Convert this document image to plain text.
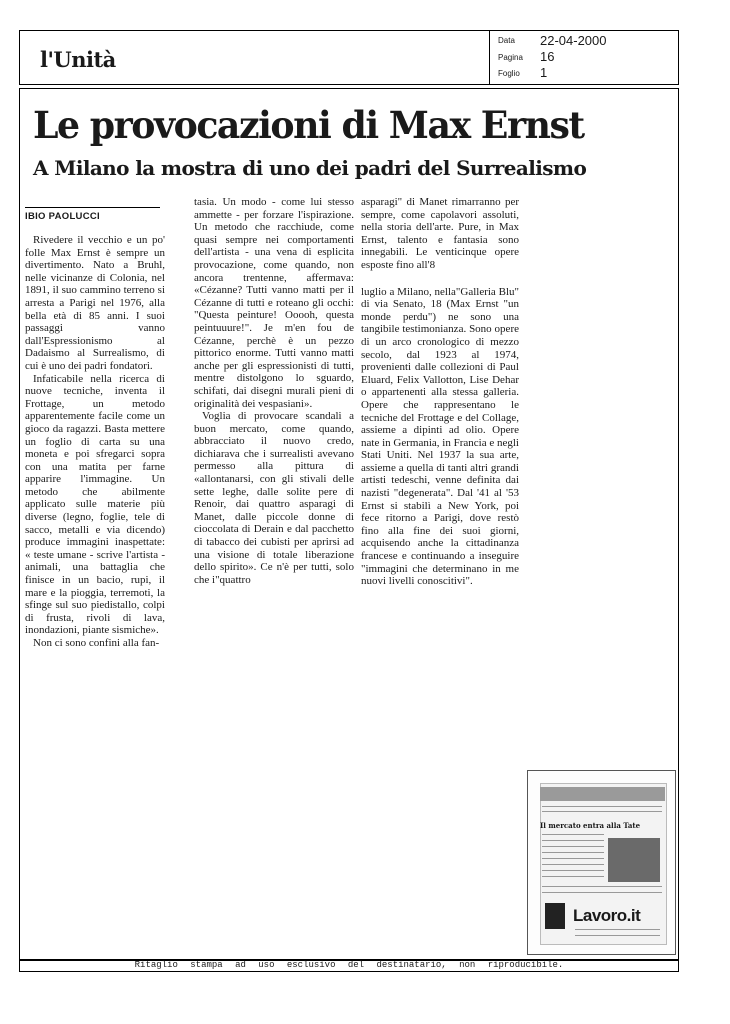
l'Unità
Data 22-04-2000
Pagina 16
Foglio 1
Le provocazioni di Max Ernst
A Milano la mostra di uno dei padri del Surrealismo
IBIO PAOLUCCI

Rivedere il vecchio e un po' folle Max Ernst è sempre un divertimento. Nato a Bruhl, nelle vicinanze di Colonia, nel 1891, il suo cammino terreno si arresta a Parigi nel 1976, alla bella età di 85 anni. I suoi passaggi vanno dall'Espressionismo al Dadaismo al Surrealismo, di cui è uno dei padri fondatori.

Infaticabile nella ricerca di nuove tecniche, inventa il Frottage, un metodo apparentemente facile come un gioco da ragazzi. Basta mettere un foglio di carta su una moneta e poi sfregarci sopra con una matita per farne apparire l'immagine. Un metodo che abilmente applicato sulle materie più diverse (legno, foglie, tele di sacco, metalli e via dicendo) produce immagini inaspettate: « teste umane - scrive l'artista - animali, una battaglia che finisce in un bacio, rupi, il mare e la pioggia, terremoti, la sfinge sul suo piedistallo, colpi di frusta, rivoli di lava, inondazioni, piante sismiche».

Non ci sono confini alla fan-

tasia. Un modo - come lui stesso ammette - per forzare l'ispirazione. Un metodo che racchiude, come quasi sempre nei comportamenti dell'artista - una vena di esplicita provocazione, come quando, non ancora trentenne, affermava: «Cézanne? Tutti vanno matti per il Cézanne di tutti e roteano gli occhi: "Questa peinture! Ooooh, questa peintuuure!". Je m'en fou de Cézanne, perchè è un pezzo pittorico enorme. Tutti vanno matti anche per gli espressionisti di tutti, mentre distolgono lo sguardo, schifati, dai disegni murali pieni di originalità dei vespasiani».

Voglia di provocare scandali a buon mercato, come quando, abbracciato il nuovo credo, dichiarava che i surrealisti avevano permesso alla pittura di «allontanarsi, con gli stivali delle sette leghe, dalle solite pere di Renoir, dai quattro asparagi di Manet, dalle piccole donne di cioccolata di Derain e dal pacchetto di tabacco dei cubisti per aprirsi ad una visione di totale liberazione dello spirito». Ce n'è per tutti, solo che i"quattro

asparagi" di Manet rimarranno per sempre, come capolavori assoluti, nella storia dell'arte. Pure, in Max Ernst, talento e fantasia sono innegabili. Le venticinque opere esposte fino all'8

luglio a Milano, nella"Galleria Blu" di via Senato, 18 (Max Ernst "un monde perdu") ne sono una tangibile testimonianza. Sono opere di un arco cronologico di mezzo secolo, dal 1923 al 1974, provenienti dalle collezioni di Paul Eluard, Felix Vallotton, Lise Dehar o appartenenti alla stessa galleria. Opere che rappresentano le tecniche del Frottage e del Collage, assieme a dipinti ad olio. Opere nate in Germania, in Francia e negli Stati Uniti. Nel 1937 la sua arte, assieme a quella di tanti altri grandi artisti tedeschi, venne definita dai nazisti "degenerata". Dal '41 al '53 Ernst si stabilì a New York, poi fece ritorno a Parigi, dove restò fino alla fine dei suoi giorni, acquisendo anche la cittadinanza francese e continuando a inseguire "immagini che determinano in me nuovi livelli conoscitivi".

Il mercato entra alla Tate
Lavoro.it
Ritaglio stampa ad uso esclusivo del destinatario, non riproducibile.
